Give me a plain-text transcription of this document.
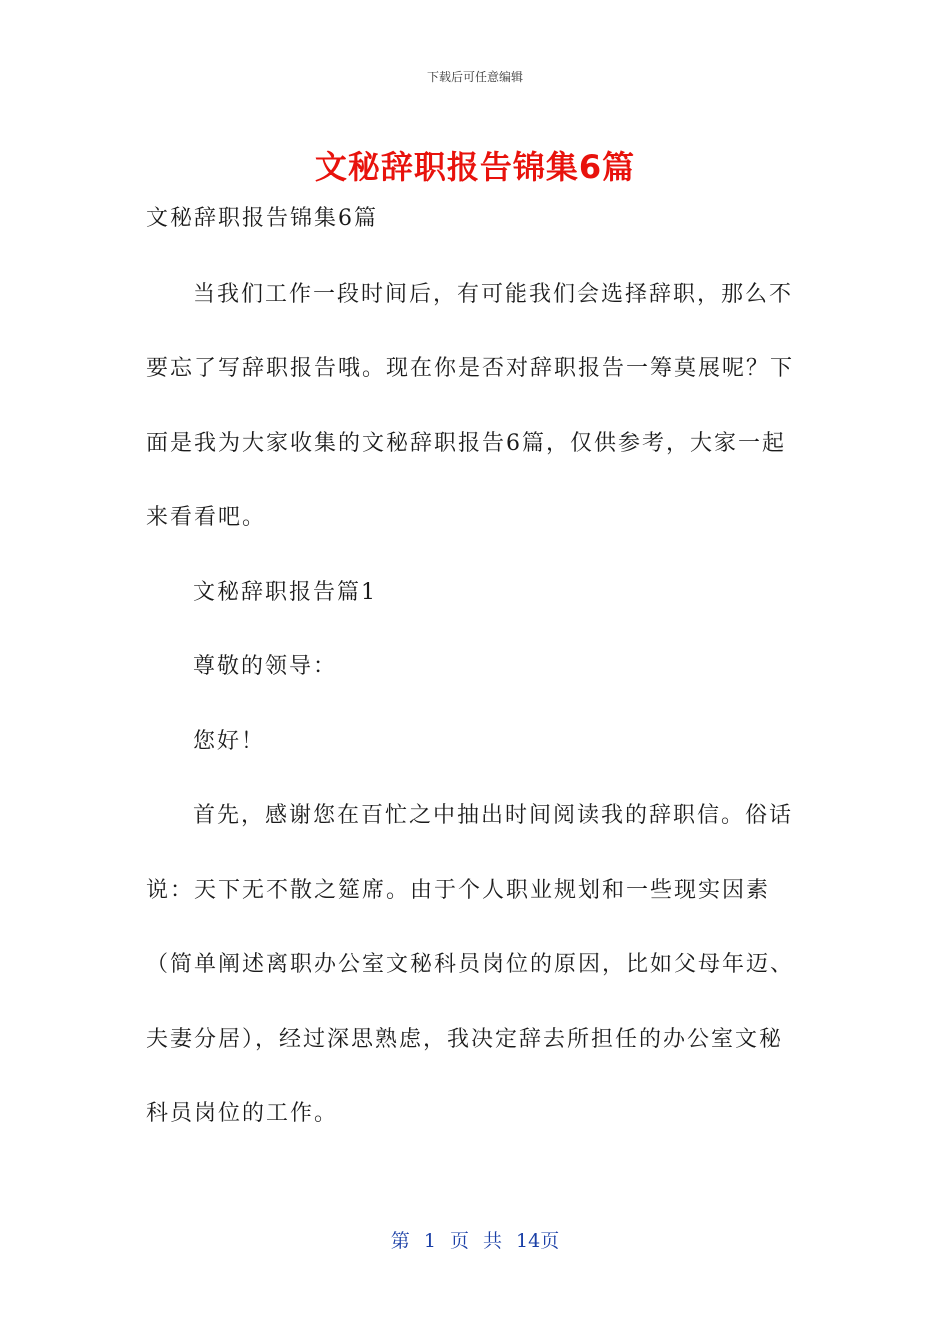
下载后可任意编辑
文秘辞职报告锦集6篇
文秘辞职报告锦集6篇
当我们工作一段时间后，有可能我们会选择辞职，那么不
要忘了写辞职报告哦。现在你是否对辞职报告一筹莫展呢？下
面是我为大家收集的文秘辞职报告6篇，仅供参考，大家一起
来看看吧。
文秘辞职报告篇1
尊敬的领导：
您好！
首先，感谢您在百忙之中抽出时间阅读我的辞职信。俗话
说：天下无不散之筵席。由于个人职业规划和一些现实因素
（简单阐述离职办公室文秘科员岗位的原因，比如父母年迈、
夫妻分居），经过深思熟虑，我决定辞去所担任的办公室文秘
科员岗位的工作。
第 1 页 共 14页
